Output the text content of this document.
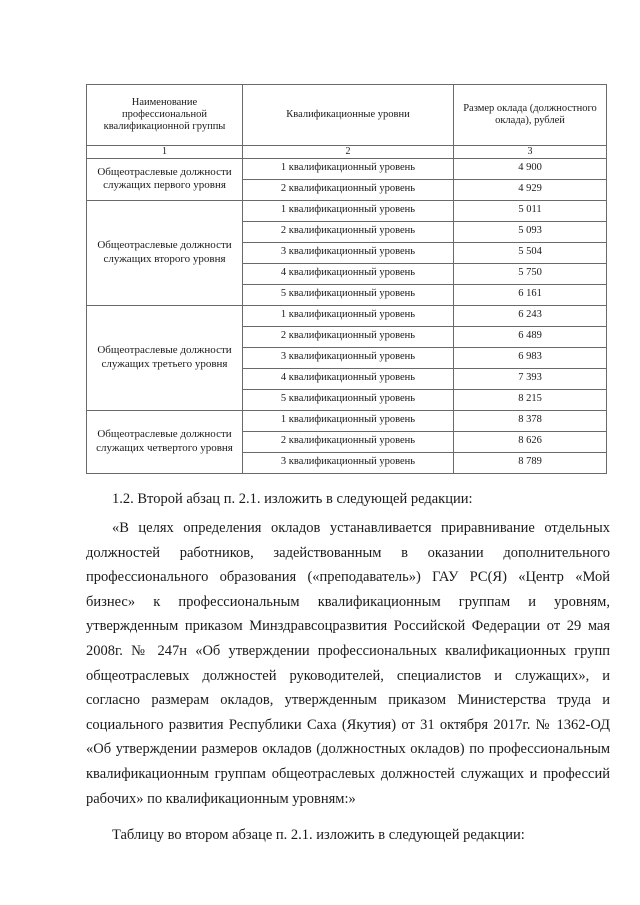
Наименование профессиональной квалификационной группы	Квалификационные уровни	Размер оклада (должностного оклада), рублей
1	2	3
Общеотраслевые должности служащих первого уровня	1 квалификационный уровень	4 900
	2 квалификационный уровень	4 929
Общеотраслевые должности служащих второго уровня	1 квалификационный уровень	5 011
	2 квалификационный уровень	5 093
	3 квалификационный уровень	5 504
	4 квалификационный уровень	5 750
	5 квалификационный уровень	6 161
Общеотраслевые должности служащих третьего уровня	1 квалификационный уровень	6 243
	2 квалификационный уровень	6 489
	3 квалификационный уровень	6 983
	4 квалификационный уровень	7 393
	5 квалификационный уровень	8 215
Общеотраслевые должности служащих четвертого уровня	1 квалификационный уровень	8 378
	2 квалификационный уровень	8 626
	3 квалификационный уровень	8 789
1.2. Второй абзац п. 2.1. изложить в следующей редакции:
«В целях определения окладов устанавливается приравнивание отдельных должностей работников, задействованным в оказании дополнительного профессионального образования («преподаватель») ГАУ РС(Я) «Центр «Мой бизнес» к профессиональным квалификационным группам и уровням, утвержденным приказом Минздравсоцразвития Российской Федерации от 29 мая 2008г. № 247н «Об утверждении профессиональных квалификационных групп общеотраслевых должностей руководителей, специалистов и служащих», и согласно размерам окладов, утвержденным приказом Министерства труда и социального развития Республики Саха (Якутия) от 31 октября 2017г. № 1362-ОД «Об утверждении размеров окладов (должностных окладов) по профессиональным квалификационным группам общеотраслевых должностей служащих и профессий рабочих» по квалификационным уровням:»
Таблицу во втором абзаце п. 2.1. изложить в следующей редакции:
